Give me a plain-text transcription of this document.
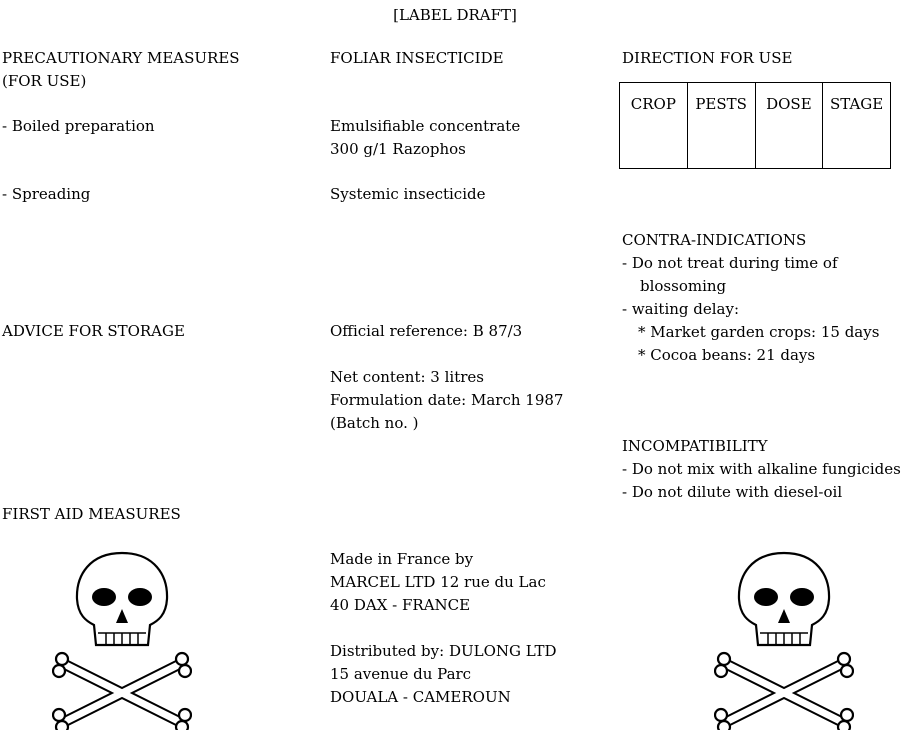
[LABEL DRAFT]
PRECAUTIONARY MEASURES
(FOR USE)
- Boiled preparation
- Spreading
ADVICE FOR STORAGE
FIRST AID MEASURES
FOLIAR INSECTICIDE
Emulsifiable concentrate
300 g/1 Razophos
Systemic insecticide
Official reference: B 87/3
Net content: 3 litres
Formulation date: March 1987
(Batch no. )
Made in France by
MARCEL LTD 12 rue du Lac
40 DAX - FRANCE
Distributed by: DULONG LTD
15 avenue du Parc
DOUALA - CAMEROUN
DIRECTION FOR USE
CROP	PESTS	DOSE	STAGE
CONTRA-INDICATIONS
- Do not treat during time of
blossoming
- waiting delay:
* Market garden crops: 15 days
* Cocoa beans: 21 days
INCOMPATIBILITY
- Do not mix with alkaline fungicides
- Do not dilute with diesel-oil
